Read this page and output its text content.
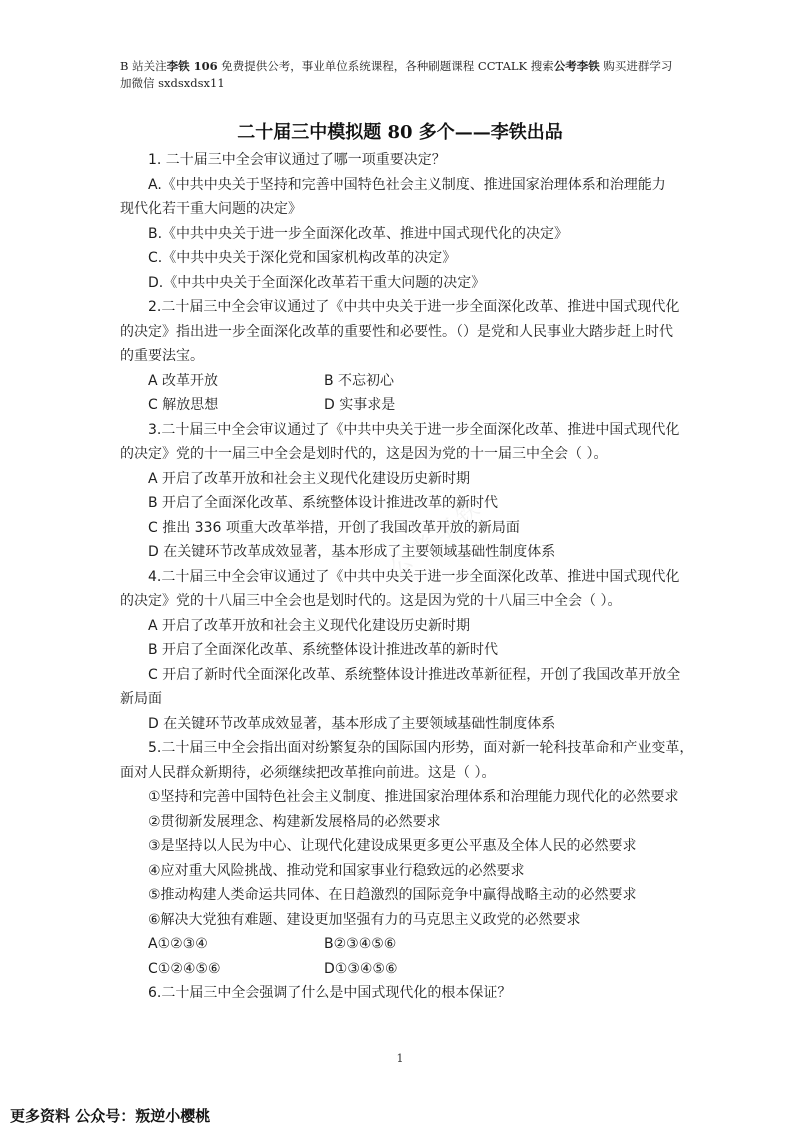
B 站关注李铁 106 免费提供公考，事业单位系统课程，各种刷题课程 CCTALK 搜索公考李铁 购买进群学习加微信 sxdsxdsx11
二十届三中模拟题 80 多个——李铁出品
公考李铁
1. 二十届三中全会审议通过了哪一项重要决定？
A.《中共中央关于坚持和完善中国特色社会主义制度、推进国家治理体系和治理能力
现代化若干重大问题的决定》
B.《中共中央关于进一步全面深化改革、推进中国式现代化的决定》
C.《中共中央关于深化党和国家机构改革的决定》
D.《中共中央关于全面深化改革若干重大问题的决定》
2.二十届三中全会审议通过了《中共中央关于进一步全面深化改革、推进中国式现代化
的决定》指出进一步全面深化改革的重要性和必要性。（）是党和人民事业大踏步赶上时代
的重要法宝。
A 改革开放	B 不忘初心
C 解放思想	D 实事求是
3.二十届三中全会审议通过了《中共中央关于进一步全面深化改革、推进中国式现代化
的决定》党的十一届三中全会是划时代的，这是因为党的十一届三中全会（ ）。
A 开启了改革开放和社会主义现代化建设历史新时期
B 开启了全面深化改革、系统整体设计推进改革的新时代
C 推出 336 项重大改革举措，开创了我国改革开放的新局面
D 在关键环节改革成效显著，基本形成了主要领域基础性制度体系
4.二十届三中全会审议通过了《中共中央关于进一步全面深化改革、推进中国式现代化
的决定》党的十八届三中全会也是划时代的。这是因为党的十八届三中全会（ ）。
A 开启了改革开放和社会主义现代化建设历史新时期
B 开启了全面深化改革、系统整体设计推进改革的新时代
C 开启了新时代全面深化改革、系统整体设计推进改革新征程，开创了我国改革开放全
新局面
D 在关键环节改革成效显著，基本形成了主要领域基础性制度体系
5.二十届三中全会指出面对纷繁复杂的国际国内形势，面对新一轮科技革命和产业变革，
面对人民群众新期待，必须继续把改革推向前进。这是（ ）。
①坚持和完善中国特色社会主义制度、推进国家治理体系和治理能力现代化的必然要求
②贯彻新发展理念、构建新发展格局的必然要求
③是坚持以人民为中心、让现代化建设成果更多更公平惠及全体人民的必然要求
④应对重大风险挑战、推动党和国家事业行稳致远的必然要求
⑤推动构建人类命运共同体、在日趋激烈的国际竞争中赢得战略主动的必然要求
⑥解决大党独有难题、建设更加坚强有力的马克思主义政党的必然要求
A①②③④	B②③④⑤⑥
C①②④⑤⑥	D①③④⑤⑥
6.二十届三中全会强调了什么是中国式现代化的根本保证？
1
更多资料 公众号：叛逆小樱桃
